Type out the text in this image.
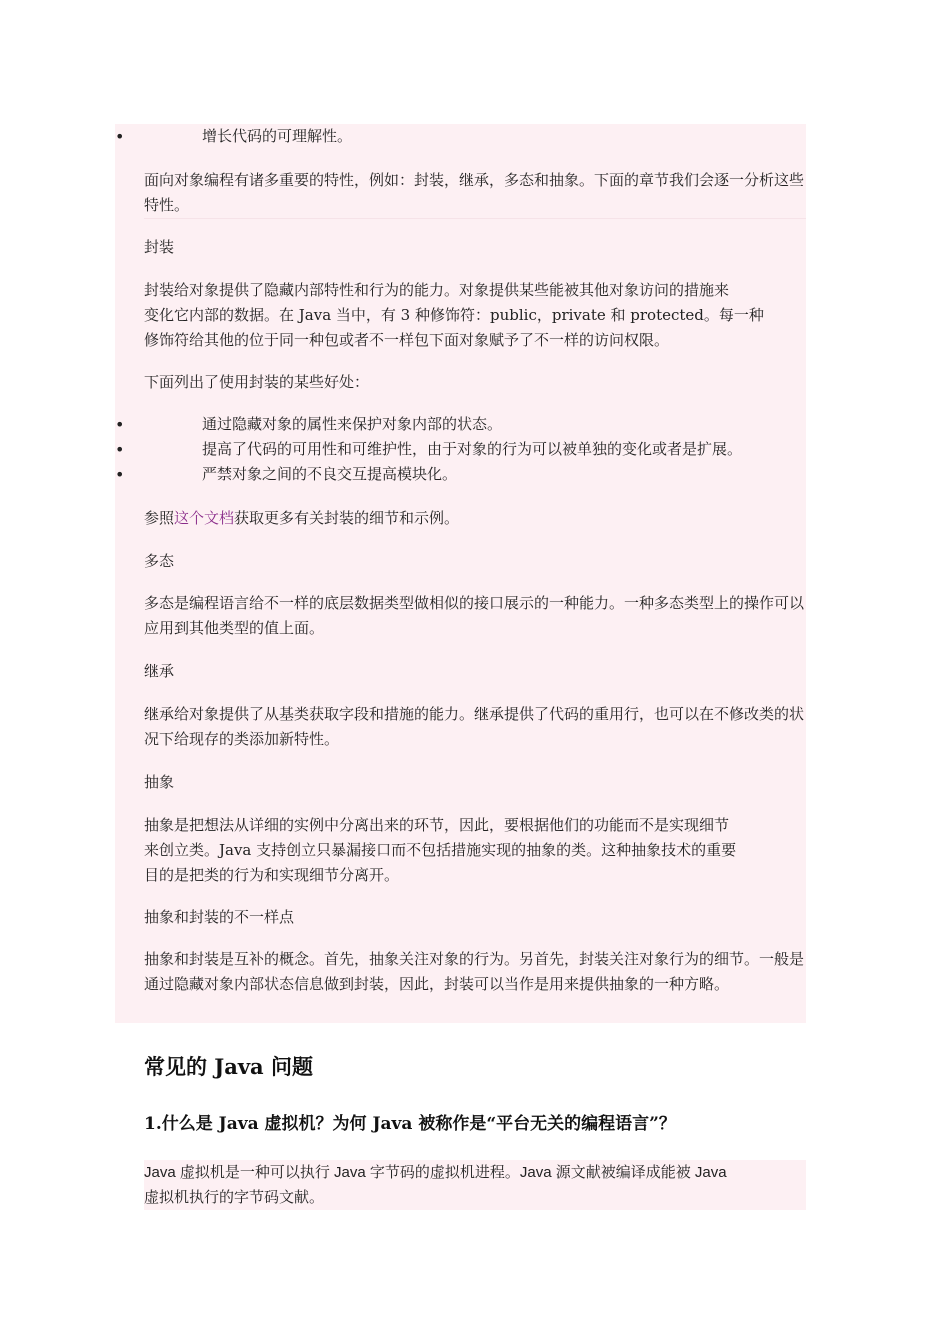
•	增长代码的可理解性。
面向对象编程有诸多重要的特性，例如：封装，继承，多态和抽象。下面的章节我们会逐一分析这些特性。
封装
封装给对象提供了隐藏内部特性和行为的能力。对象提供某些能被其他对象访问的措施来
变化它内部的数据。在 Java 当中，有 3 种修饰符：public，private 和 protected。每一种
修饰符给其他的位于同一种包或者不一样包下面对象赋予了不一样的访问权限。
下面列出了使用封装的某些好处：
•	通过隐藏对象的属性来保护对象内部的状态。
•	提高了代码的可用性和可维护性，由于对象的行为可以被单独的变化或者是扩展。
•	严禁对象之间的不良交互提高模块化。
参照这个文档获取更多有关封装的细节和示例。
多态
多态是编程语言给不一样的底层数据类型做相似的接口展示的一种能力。一种多态类型上的操作可以应用到其他类型的值上面。
继承
继承给对象提供了从基类获取字段和措施的能力。继承提供了代码的重用行，也可以在不修改类的状况下给现存的类添加新特性。
抽象
抽象是把想法从详细的实例中分离出来的环节，因此，要根据他们的功能而不是实现细节
来创立类。Java 支持创立只暴漏接口而不包括措施实现的抽象的类。这种抽象技术的重要
目的是把类的行为和实现细节分离开。
抽象和封装的不一样点
抽象和封装是互补的概念。首先，抽象关注对象的行为。另首先，封装关注对象行为的细节。一般是通过隐藏对象内部状态信息做到封装，因此，封装可以当作是用来提供抽象的一种方略。
常见的 Java 问题
1.什么是 Java 虚拟机？为何 Java 被称作是“平台无关的编程语言”？
Java 虚拟机是一种可以执行 Java 字节码的虚拟机进程。Java 源文献被编译成能被 Java
虚拟机执行的字节码文献。
